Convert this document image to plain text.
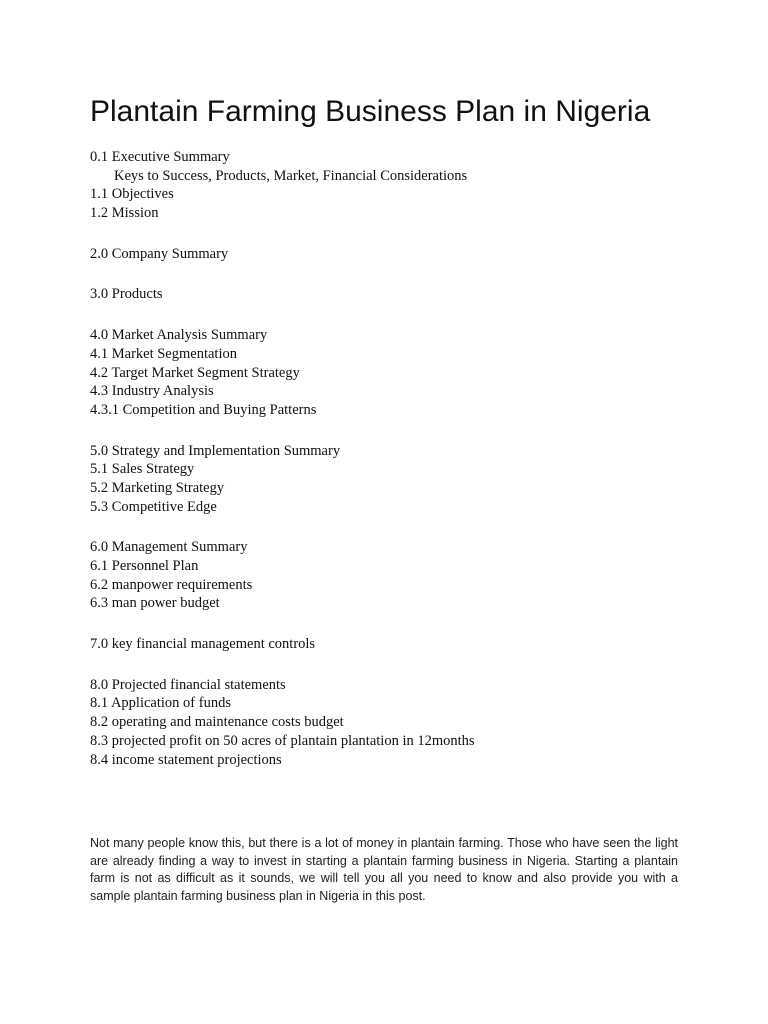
Plantain Farming Business Plan in Nigeria
0.1 Executive Summary
Keys to Success, Products, Market, Financial Considerations
1.1 Objectives
1.2 Mission
2.0 Company Summary
3.0 Products
4.0 Market Analysis Summary
4.1 Market Segmentation
4.2 Target Market Segment Strategy
4.3 Industry Analysis
4.3.1 Competition and Buying Patterns
5.0 Strategy and Implementation Summary
5.1 Sales Strategy
5.2 Marketing Strategy
5.3 Competitive Edge
6.0 Management Summary
6.1 Personnel Plan
6.2 manpower requirements
6.3 man power budget
7.0 key financial management controls
8.0 Projected financial statements
8.1 Application of funds
8.2 operating and maintenance costs budget
8.3 projected profit on 50 acres of plantain plantation in 12months
8.4 income statement projections

Not many people know this, but there is a lot of money in plantain farming. Those who have seen the light are already finding a way to invest in starting a plantain farming business in Nigeria. Starting a plantain farm is not as difficult as it sounds, we will tell you all you need to know and also provide you with a sample plantain farming business plan in Nigeria in this post.
